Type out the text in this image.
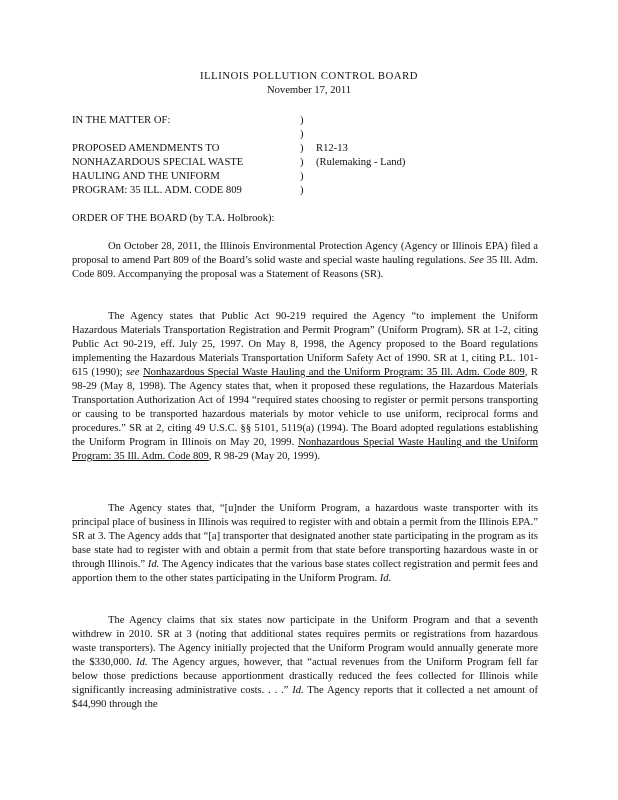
ILLINOIS POLLUTION CONTROL BOARD
November 17, 2011
IN THE MATTER OF:	)
)
PROPOSED AMENDMENTS TO	)	R12-13
NONHAZARDOUS SPECIAL WASTE	)	(Rulemaking - Land)
HAULING AND THE UNIFORM	)
PROGRAM: 35 ILL. ADM. CODE 809	)
ORDER OF THE BOARD (by T.A. Holbrook):

On October 28, 2011, the Illinois Environmental Protection Agency (Agency or Illinois EPA) filed a proposal to amend Part 809 of the Board’s solid waste and special waste hauling regulations. See 35 Ill. Adm. Code 809. Accompanying the proposal was a Statement of Reasons (SR).

The Agency states that Public Act 90-219 required the Agency “to implement the Uniform Hazardous Materials Transportation Registration and Permit Program” (Uniform Program). SR at 1-2, citing Public Act 90-219, eff. July 25, 1997. On May 8, 1998, the Agency proposed to the Board regulations implementing the Hazardous Materials Transportation Uniform Safety Act of 1990. SR at 1, citing P.L. 101-615 (1990); see Nonhazardous Special Waste Hauling and the Uniform Program: 35 Ill. Adm. Code 809, R 98-29 (May 8, 1998). The Agency states that, when it proposed these regulations, the Hazardous Materials Transportation Authorization Act of 1994 “required states choosing to register or permit persons transporting or causing to be transported hazardous materials by motor vehicle to use uniform, reciprocal forms and procedures.” SR at 2, citing 49 U.S.C. §§ 5101, 5119(a) (1994). The Board adopted regulations establishing the Uniform Program in Illinois on May 20, 1999. Nonhazardous Special Waste Hauling and the Uniform Program: 35 Ill. Adm. Code 809, R 98-29 (May 20, 1999).

The Agency states that, “[u]nder the Uniform Program, a hazardous waste transporter with its principal place of business in Illinois was required to register with and obtain a permit from the Illinois EPA.” SR at 3. The Agency adds that “[a] transporter that designated another state participating in the program as its base state had to register with and obtain a permit from that state before transporting hazardous waste in or through Illinois.” Id. The Agency indicates that the various base states collect registration and permit fees and apportion them to the other states participating in the Uniform Program. Id.

The Agency claims that six states now participate in the Uniform Program and that a seventh withdrew in 2010. SR at 3 (noting that additional states requires permits or registrations from hazardous waste transporters). The Agency initially projected that the Uniform Program would annually generate more the $330,000. Id. The Agency argues, however, that “actual revenues from the Uniform Program fell far below those predictions because apportionment drastically reduced the fees collected for Illinois while significantly increasing administrative costs. . . .” Id. The Agency reports that it collected a net amount of $44,990 through the
